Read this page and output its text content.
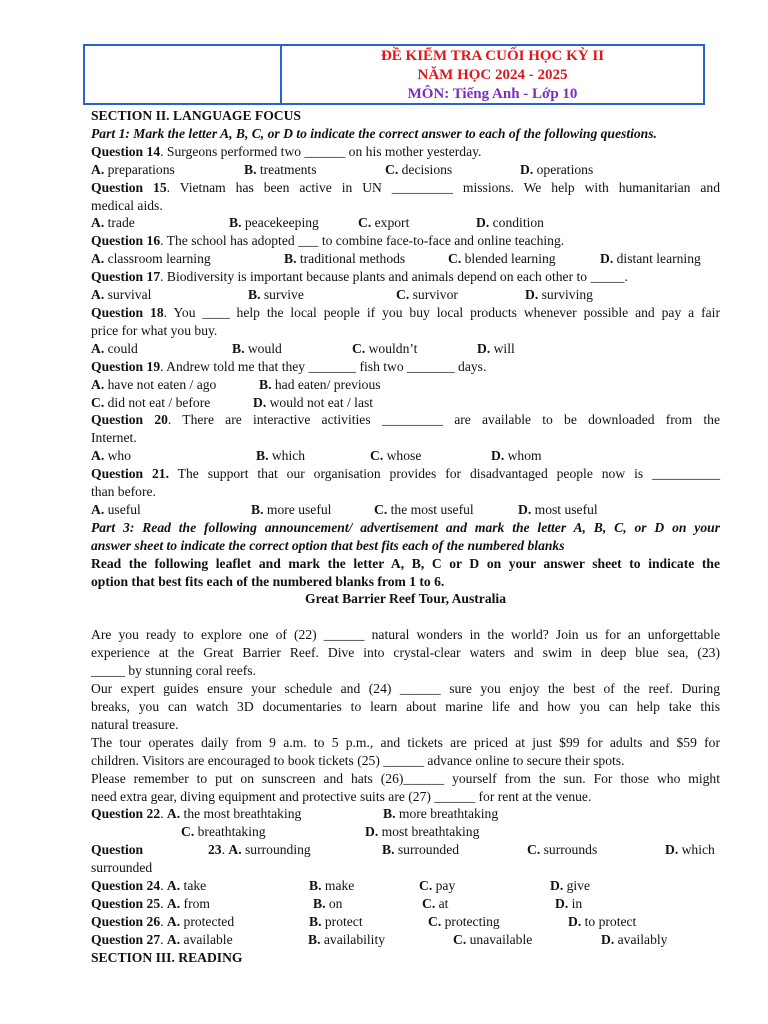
ĐỀ KIỂM TRA CUỐI HỌC KỲ II
NĂM HỌC 2024 - 2025
MÔN: Tiếng Anh - Lớp 10
SECTION II. LANGUAGE FOCUS
Part 1: Mark the letter A, B, C, or D to indicate the correct answer to each of the following questions.
Question 14. Surgeons performed two ______ on his mother yesterday.
A. preparations	B. treatments	C. decisions	D. operations
Question 15. Vietnam has been active in UN _________ missions. We help with humanitarian and
medical aids.
A. trade	B. peacekeeping	C. export	D. condition
Question 16. The school has adopted ___ to combine face-to-face and online teaching.
A. classroom learning	B. traditional methods	C. blended learning	D. distant learning
Question 17. Biodiversity is important because plants and animals depend on each other to _____.
A. survival	B. survive	C. survivor	D. surviving
Question 18. You ____ help the local people if you buy local products whenever possible and pay a fair
price for what you buy.
A. could	B. would	C. wouldn’t	D. will
Question 19. Andrew told me that they _______ fish two _______ days.
A. have not eaten / ago	B. had eaten/ previous
C. did not eat / before	D. would not eat / last
Question 20. There are interactive activities _________ are available to be downloaded from the
Internet.
A. who	B. which	C. whose	D. whom
Question 21. The support that our organisation provides for disadvantaged people now is __________
than before.
A. useful	B. more useful	C. the most useful	D. most useful
Part 3: Read the following announcement/ advertisement and mark the letter A, B, C, or D on your
answer sheet to indicate the correct option that best fits each of the numbered blanks
Read the following leaflet and mark the letter A, B, C or D on your answer sheet to indicate the
option that best fits each of the numbered blanks from 1 to 6.
Great Barrier Reef Tour, Australia
Are you ready to explore one of (22) ______ natural wonders in the world? Join us for an unforgettable
experience at the Great Barrier Reef. Dive into crystal-clear waters and swim in deep blue sea, (23)
_____ by stunning coral reefs.
Our expert guides ensure your schedule and (24) ______ sure you enjoy the best of the reef. During
breaks, you can watch 3D documentaries to learn about marine life and how you can help take this
natural treasure.
The tour operates daily from 9 a.m. to 5 p.m., and tickets are priced at just $99 for adults and $59 for
children. Visitors are encouraged to book tickets (25) ______ advance online to secure their spots.
Please remember to put on sunscreen and hats (26)______ yourself from the sun. For those who might
need extra gear, diving equipment and protective suits are (27) ______ for rent at the venue.
Question 22. A. the most breathtaking	B. more breathtaking
C. breathtaking	D. most breathtaking
Question	23. A. surrounding	B. surrounded	C. surrounds	D. which
surrounded
Question 24. A. take	B. make	C. pay	D. give
Question 25. A. from	B. on	C. at	D. in
Question 26. A. protected	B. protect	C. protecting	D. to protect
Question 27. A. available	B. availability	C. unavailable	D. availably
SECTION III. READING
